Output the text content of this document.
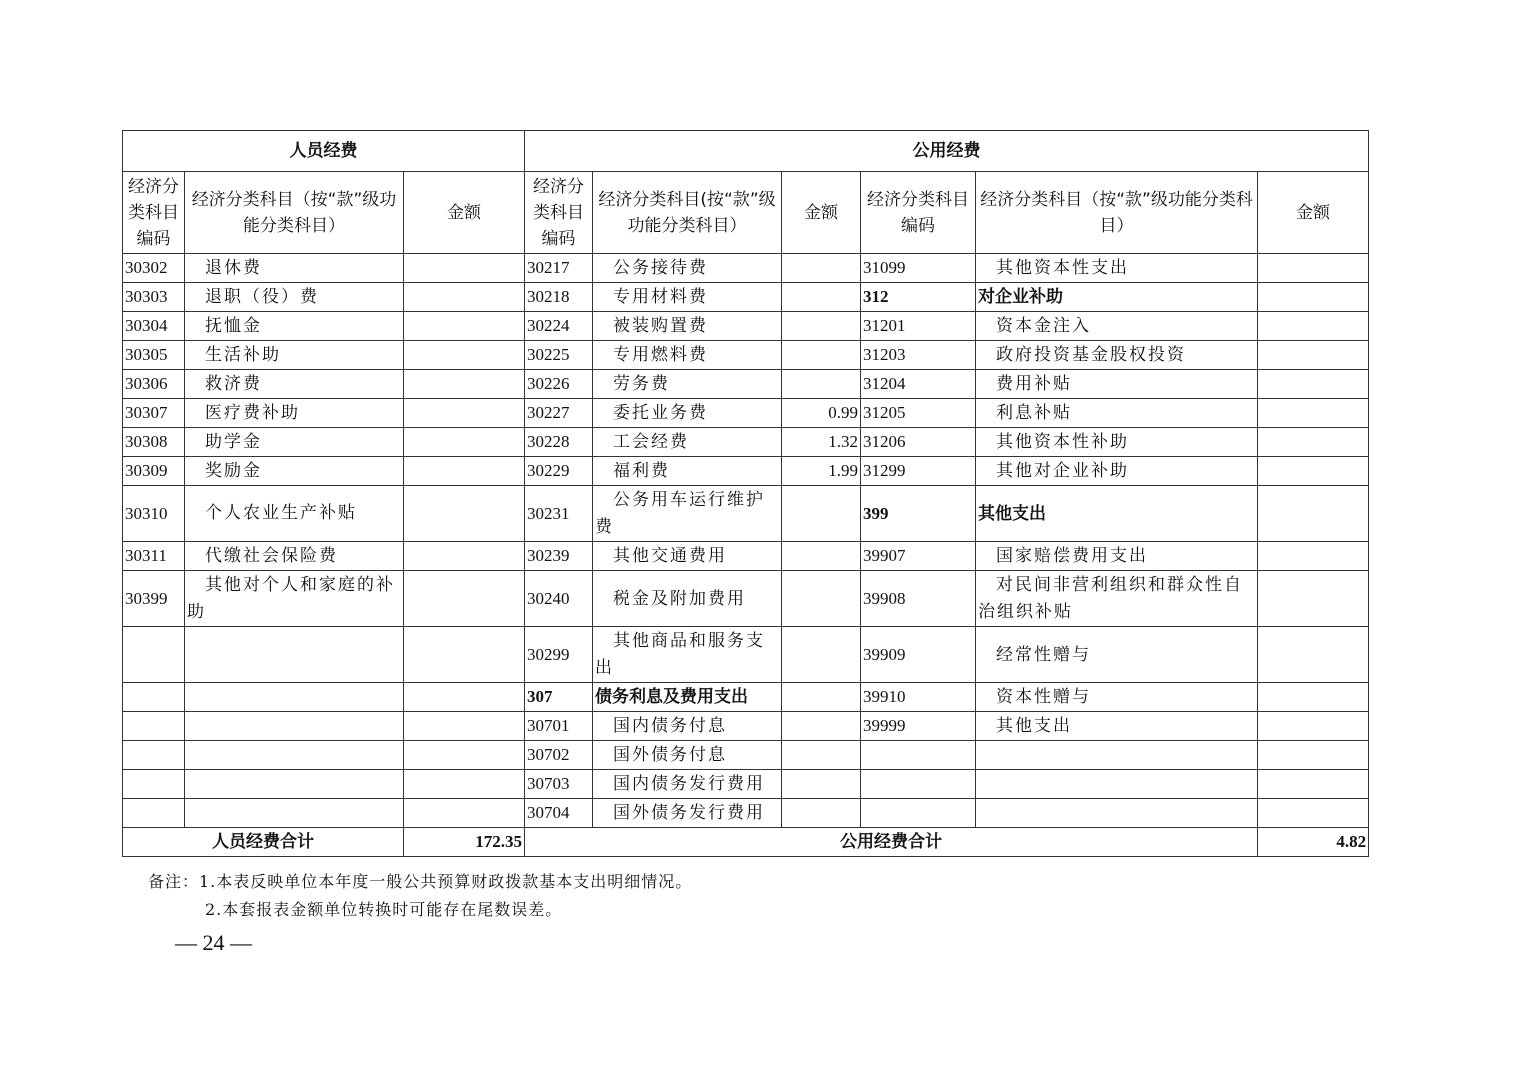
人员经费			公用经费					
经济分类科目编码	经济分类科目（按“款”级功能分类科目）	金额	经济分类科目编码	经济分类科目(按“款”级功能分类科目）	金额	经济分类科目编码	经济分类科目（按“款”级功能分类科目）	金额
30302	退休费		30217	公务接待费		31099	其他资本性支出	
30303	退职（役）费		30218	专用材料费		312	对企业补助	
30304	抚恤金		30224	被装购置费		31201	资本金注入	
30305	生活补助		30225	专用燃料费		31203	政府投资基金股权投资	
30306	救济费		30226	劳务费		31204	费用补贴	
30307	医疗费补助		30227	委托业务费	0.99	31205	利息补贴	
30308	助学金		30228	工会经费	1.32	31206	其他资本性补助	
30309	奖励金		30229	福利费	1.99	31299	其他对企业补助	
30310	个人农业生产补贴		30231	公务用车运行维护费		399	其他支出	
30311	代缴社会保险费		30239	其他交通费用		39907	国家赔偿费用支出	
30399	其他对个人和家庭的补助		30240	税金及附加费用		39908	对民间非营利组织和群众性自治组织补贴	
			30299	其他商品和服务支出		39909	经常性赠与	
			307	债务利息及费用支出		39910	资本性赠与	
			30701	国内债务付息		39999	其他支出	
			30702	国外债务付息				
			30703	国内债务发行费用				
			30704	国外债务发行费用				
人员经费合计		172.35	公用经费合计					4.82
备注：1.本表反映单位本年度一般公共预算财政拨款基本支出明细情况。
2.本套报表金额单位转换时可能存在尾数误差。
— 24 —
